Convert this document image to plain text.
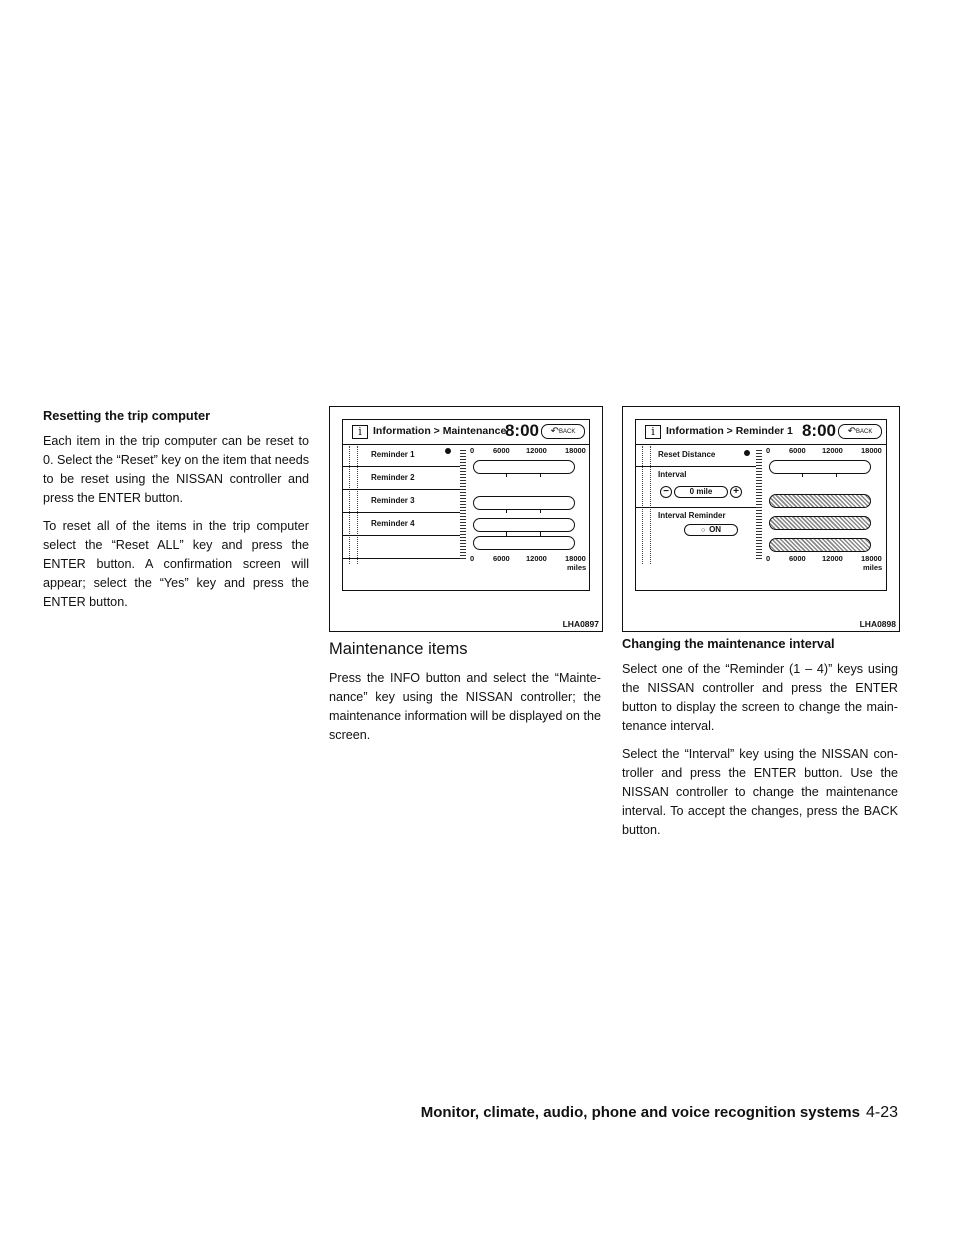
Resetting the trip computer

Each item in the trip computer can be reset to 0. Select the “Reset” key on the item that needs to be reset using the NISSAN controller and press the ENTER button.

To reset all of the items in the trip computer select the “Reset ALL” key and press the ENTER button. A confirmation screen will appear; select the “Yes” key and press the ENTER button.

i	Information > Maintenance
8:00	↶BACK
Reminder 1
Reminder 2
Reminder 3
Reminder 4
0	6000 12000 18000
0	6000 12000 18000
miles
LHA0897
i	Information > Reminder 1 8:00	↶BACK
Reset Distance
Interval
Interval Reminder
−	0 mile	+
○  ON
0	6000 12000 18000
0	6000 12000 18000
miles
LHA0898
Maintenance items

Press the INFO button and select the “Mainte- nance” key using the NISSAN controller; the maintenance information will be displayed on the screen.

Changing the maintenance interval

Select one of the “Reminder (1 – 4)” keys using the NISSAN controller and press the ENTER button to display the screen to change the main- tenance interval.

Select the “Interval” key using the NISSAN con- troller and press the ENTER button. Use the NISSAN controller to change the maintenance interval. To accept the changes, press the BACK button.

Monitor, climate, audio, phone and voice recognition systems 4-23
